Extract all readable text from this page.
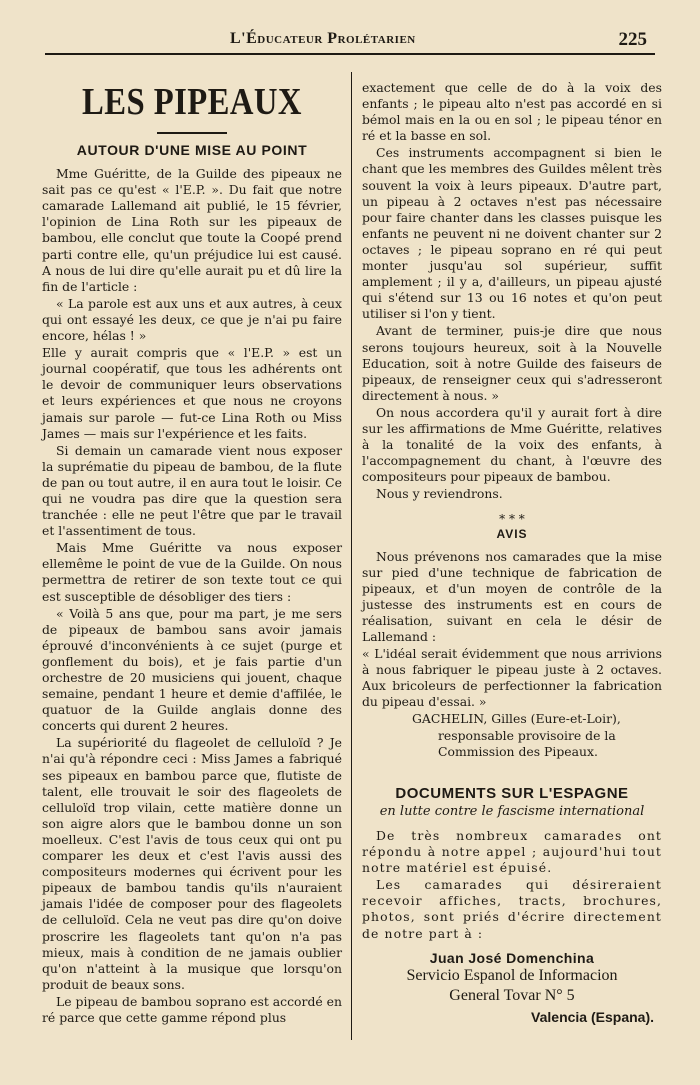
L'Éducateur Prolétarien	225
LES PIPEAUX
AUTOUR D'UNE MISE AU POINT

Mme Guéritte, de la Guilde des pipeaux ne sait pas ce qu'est « l'E.P. ». Du fait que notre camarade Lallemand ait publié, le 15 février, l'opinion de Lina Roth sur les pipeaux de bambou, elle conclut que toute la Coopé prend parti contre elle, qu'un préjudice lui est causé. A nous de lui dire qu'elle aurait pu et dû lire la fin de l'article :

« La parole est aux uns et aux autres, à ceux qui ont essayé les deux, ce que je n'ai pu faire encore, hélas ! »

Elle y aurait compris que « l'E.P. » est un journal coopératif, que tous les adhérents ont le devoir de communiquer leurs observations et leurs expériences et que nous ne croyons jamais sur parole — fut-ce Lina Roth ou Miss James — mais sur l'expérience et les faits.

Si demain un camarade vient nous exposer la suprématie du pipeau de bambou, de la flute de pan ou tout autre, il en aura tout le loisir. Ce qui ne voudra pas dire que la question sera tranchée : elle ne peut l'être que par le travail et l'assentiment de tous.

Mais Mme Guéritte va nous exposer ellemême le point de vue de la Guilde. On nous permettra de retirer de son texte tout ce qui est susceptible de désobliger des tiers :

« Voilà 5 ans que, pour ma part, je me sers de pipeaux de bambou sans avoir jamais éprouvé d'inconvénients à ce sujet (purge et gonflement du bois), et je fais partie d'un orchestre de 20 musiciens qui jouent, chaque semaine, pendant 1 heure et demie d'affilée, le quatuor de la Guilde anglais donne des concerts qui durent 2 heures.

La supériorité du flageolet de celluloïd ? Je n'ai qu'à répondre ceci : Miss James a fabriqué ses pipeaux en bambou parce que, flutiste de talent, elle trouvait le soir des flageolets de celluloïd trop vilain, cette matière donne un son aigre alors que le bambou donne un son moelleux. C'est l'avis de tous ceux qui ont pu comparer les deux et c'est l'avis aussi des compositeurs modernes qui écrivent pour les pipeaux de bambou tandis qu'ils n'auraient jamais l'idée de composer pour des flageolets de celluloïd. Cela ne veut pas dire qu'on doive proscrire les flageolets tant qu'on n'a pas mieux, mais à condition de ne jamais oublier qu'on n'atteint à la musique que lorsqu'on produit de beaux sons.

Le pipeau de bambou soprano est accordé en ré parce que cette gamme répond plus

exactement que celle de do à la voix des enfants ; le pipeau alto n'est pas accordé en si bémol mais en la ou en sol ; le pipeau ténor en ré et la basse en sol.

Ces instruments accompagnent si bien le chant que les membres des Guildes mêlent très souvent la voix à leurs pipeaux. D'autre part, un pipeau à 2 octaves n'est pas nécessaire pour faire chanter dans les classes puisque les enfants ne peuvent ni ne doivent chanter sur 2 octaves ; le pipeau soprano en ré qui peut monter jusqu'au sol supérieur, suffit amplement ; il y a, d'ailleurs, un pipeau ajusté qui s'étend sur 13 ou 16 notes et qu'on peut utiliser si l'on y tient.

Avant de terminer, puis-je dire que nous serons toujours heureux, soit à la Nouvelle Education, soit à notre Guilde des faiseurs de pipeaux, de renseigner ceux qui s'adresseront directement à nous. »

On nous accordera qu'il y aurait fort à dire sur les affirmations de Mme Guéritte, relatives à la tonalité de la voix des enfants, à l'accompagnement du chant, à l'œuvre des compositeurs pour pipeaux de bambou.

Nous y reviendrons.

* * *
AVIS

Nous prévenons nos camarades que la mise sur pied d'une technique de fabrication de pipeaux, et d'un moyen de contrôle de la justesse des instruments est en cours de réalisation, suivant en cela le désir de Lallemand :

« L'idéal serait évidemment que nous arrivions à nous fabriquer le pipeau juste à 2 octaves. Aux bricoleurs de perfectionner la fabrication du pipeau d'essai. »

GACHELIN, Gilles (Eure-et-Loir),

responsable provisoire de la
Commission des Pipeaux.

DOCUMENTS SUR L'ESPAGNE
en lutte contre le fascisme international

De très nombreux camarades ont répondu à notre appel ; aujourd'hui tout notre matériel est épuisé.

Les camarades qui désireraient recevoir affiches, tracts, brochures, photos, sont priés d'écrire directement de notre part à :

Juan José Domenchina
Servicio Espanol de Informacion
General Tovar N° 5
Valencia (Espana).
